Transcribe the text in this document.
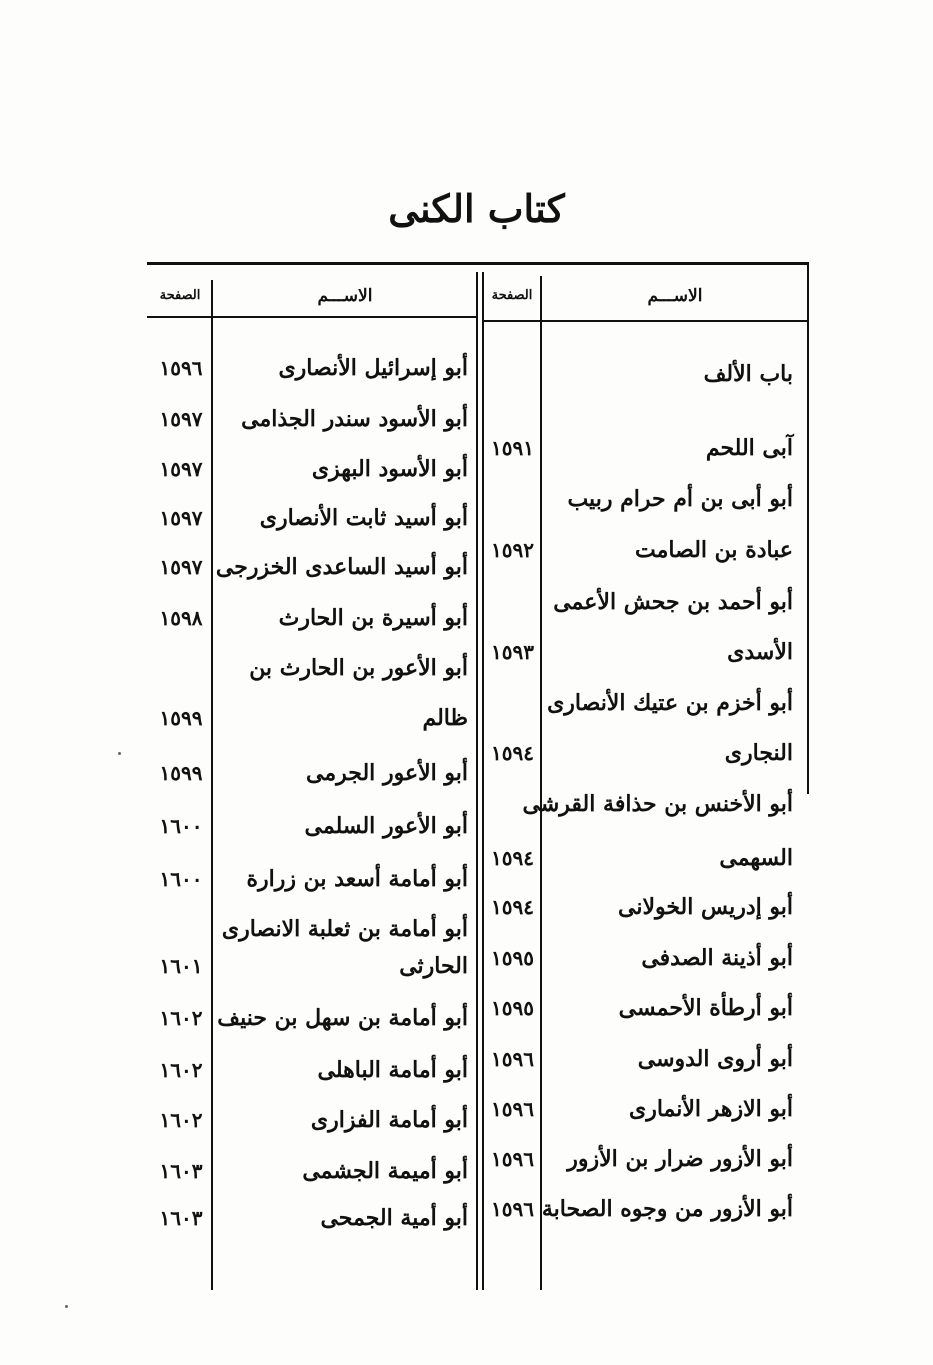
كتاب الكنى
الاســـم
الصفحة
الاســـم
الصفحة
باب الألف
آبى اللحم
١٥٩١
أبو أبى بن أم حرام ربيب
عبادة بن الصامت
١٥٩٢
أبو أحمد بن جحش الأعمى
الأسدى
١٥٩٣
أبو أخزم بن عتيك الأنصارى
النجارى
١٥٩٤
أبو الأخنس بن حذافة القرشى
السهمى
١٥٩٤
أبو إدريس الخولانى
١٥٩٤
أبو أذينة الصدفى
١٥٩٥
أبو أرطأة الأحمسى
١٥٩٥
أبو أروى الدوسى
١٥٩٦
أبو الازهر الأنمارى
١٥٩٦
أبو الأزور ضرار بن الأزور
١٥٩٦
أبو الأزور من وجوه الصحابة
١٥٩٦
أبو إسرائيل الأنصارى
١٥٩٦
أبو الأسود سندر الجذامى
١٥٩٧
أبو الأسود البهزى
١٥٩٧
أبو أسيد ثابت الأنصارى
١٥٩٧
أبو أسيد الساعدى الخزرجى
١٥٩٧
أبو أسيرة بن الحارث
١٥٩٨
أبو الأعور بن الحارث بن
ظالم
١٥٩٩
أبو الأعور الجرمى
١٥٩٩
أبو الأعور السلمى
١٦٠٠
أبو أمامة أسعد بن زرارة
١٦٠٠
أبو أمامة بن ثعلبة الانصارى
الحارثى
١٦٠١
أبو أمامة بن سهل بن حنيف
١٦٠٢
أبو أمامة الباهلى
١٦٠٢
أبو أمامة الفزارى
١٦٠٢
أبو أميمة الجشمى
١٦٠٣
أبو أمية الجمحى
١٦٠٣
